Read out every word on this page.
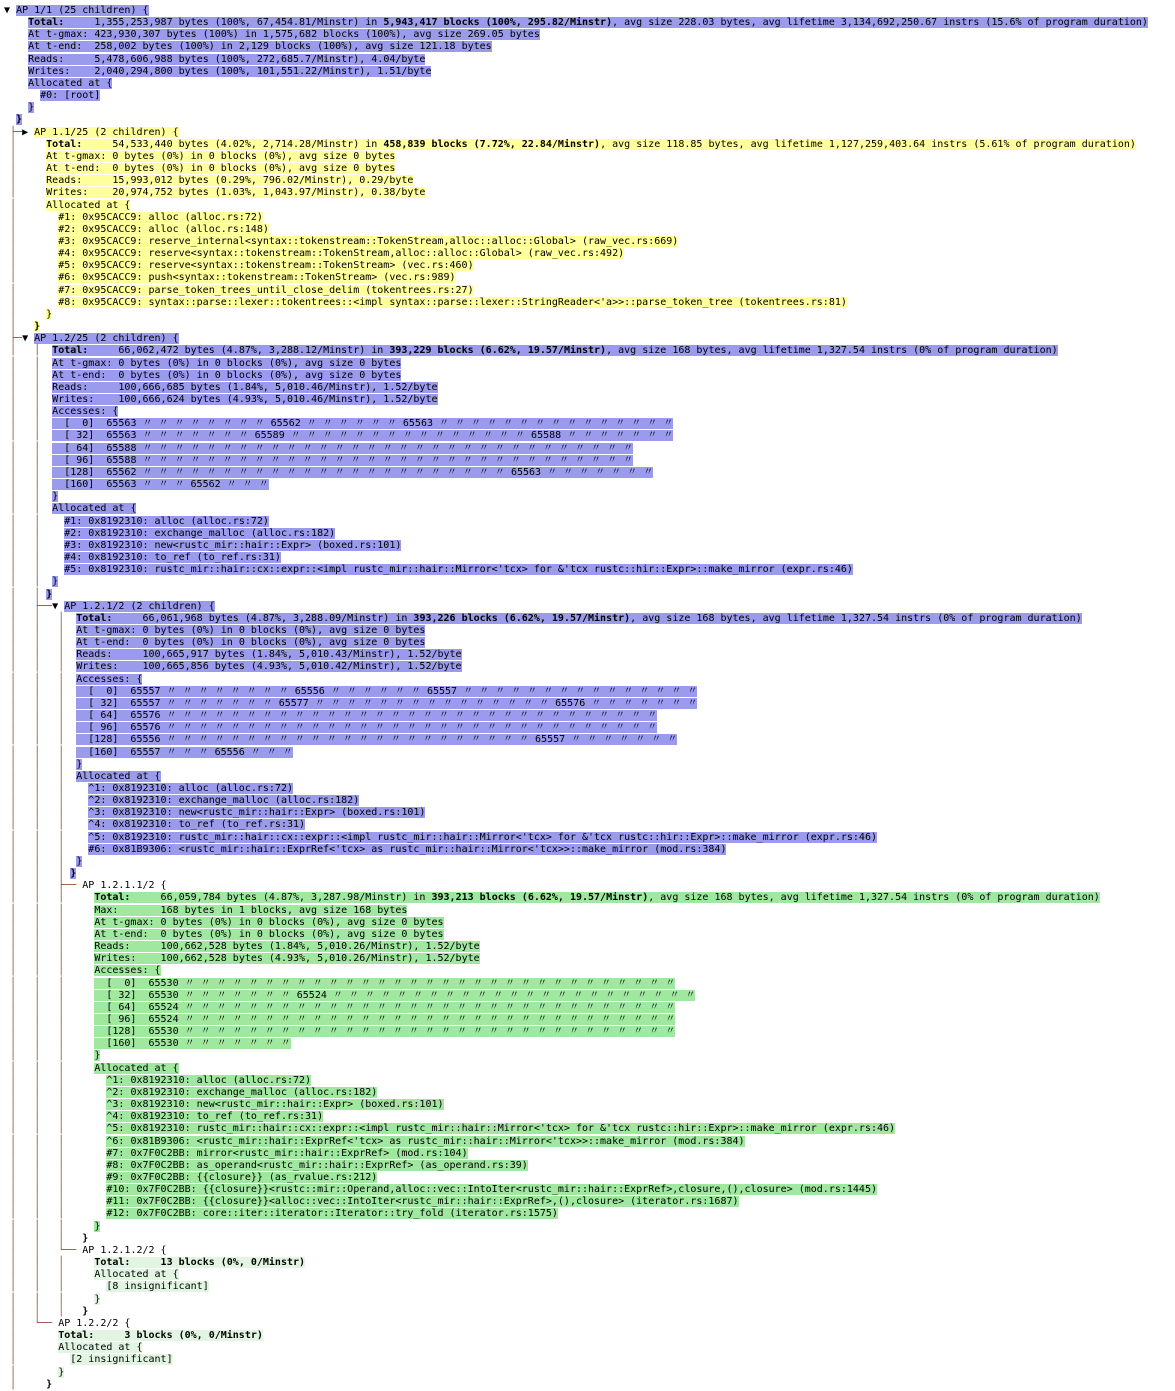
▼ AP 1/1 (25 children) {
Total:     1,355,253,987 bytes (100%, 67,454.81/Minstr) in 5,943,417 blocks (100%, 295.82/Minstr), avg size 228.03 bytes, avg lifetime 3,134,692,250.67 instrs (15.6% of program duration)
At t-gmax: 423,930,307 bytes (100%) in 1,575,682 blocks (100%), avg size 269.05 bytes
At t-end:  258,002 bytes (100%) in 2,129 blocks (100%), avg size 121.18 bytes
Reads:     5,478,606,988 bytes (100%, 272,685.7/Minstr), 4.04/byte
Writes:    2,040,294,800 bytes (100%, 101,551.22/Minstr), 1.51/byte
Allocated at {
#0: [root]
}
}
├─▶ AP 1.1/25 (2 children) {
│     Total:     54,533,440 bytes (4.02%, 2,714.28/Minstr) in 458,839 blocks (7.72%, 22.84/Minstr), avg size 118.85 bytes, avg lifetime 1,127,259,403.64 instrs (5.61% of program duration)
│     At t-gmax: 0 bytes (0%) in 0 blocks (0%), avg size 0 bytes
│     At t-end:  0 bytes (0%) in 0 blocks (0%), avg size 0 bytes
│     Reads:     15,993,012 bytes (0.29%, 796.02/Minstr), 0.29/byte
│     Writes:    20,974,752 bytes (1.03%, 1,043.97/Minstr), 0.38/byte
│     Allocated at {
│       #1: 0x95CACC9: alloc (alloc.rs:72)
│       #2: 0x95CACC9: alloc (alloc.rs:148)
│       #3: 0x95CACC9: reserve_internal<syntax::tokenstream::TokenStream,alloc::alloc::Global> (raw_vec.rs:669)
│       #4: 0x95CACC9: reserve<syntax::tokenstream::TokenStream,alloc::alloc::Global> (raw_vec.rs:492)
│       #5: 0x95CACC9: reserve<syntax::tokenstream::TokenStream> (vec.rs:460)
│       #6: 0x95CACC9: push<syntax::tokenstream::TokenStream> (vec.rs:989)
│       #7: 0x95CACC9: parse_token_trees_until_close_delim (tokentrees.rs:27)
│       #8: 0x95CACC9: syntax::parse::lexer::tokentrees::<impl syntax::parse::lexer::StringReader<'a>>::parse_token_tree (tokentrees.rs:81)
│     }
│   }
├─▼ AP 1.2/25 (2 children) {
│   │  Total:     66,062,472 bytes (4.87%, 3,288.12/Minstr) in 393,229 blocks (6.62%, 19.57/Minstr), avg size 168 bytes, avg lifetime 1,327.54 instrs (0% of program duration)
│   │  At t-gmax: 0 bytes (0%) in 0 blocks (0%), avg size 0 bytes
│   │  At t-end:  0 bytes (0%) in 0 blocks (0%), avg size 0 bytes
│   │  Reads:     100,666,685 bytes (1.84%, 5,010.46/Minstr), 1.52/byte
│   │  Writes:    100,666,624 bytes (4.93%, 5,010.46/Minstr), 1.52/byte
│   │  Accesses: {
│   │    [  0]  65563 〃 〃 〃 〃 〃 〃 〃 〃 65562 〃 〃 〃 〃 〃 〃 65563 〃 〃 〃 〃 〃 〃 〃 〃 〃 〃 〃 〃 〃 〃 〃
│   │    [ 32]  65563 〃 〃 〃 〃 〃 〃 〃 65589 〃 〃 〃 〃 〃 〃 〃 〃 〃 〃 〃 〃 〃 〃 〃 65588 〃 〃 〃 〃 〃 〃 〃
│   │    [ 64]  65588 〃 〃 〃 〃 〃 〃 〃 〃 〃 〃 〃 〃 〃 〃 〃 〃 〃 〃 〃 〃 〃 〃 〃 〃 〃 〃 〃 〃 〃 〃 〃
│   │    [ 96]  65588 〃 〃 〃 〃 〃 〃 〃 〃 〃 〃 〃 〃 〃 〃 〃 〃 〃 〃 〃 〃 〃 〃 〃 〃 〃 〃 〃 〃 〃 〃 〃
│   │    [128]  65562 〃 〃 〃 〃 〃 〃 〃 〃 〃 〃 〃 〃 〃 〃 〃 〃 〃 〃 〃 〃 〃 〃 〃 65563 〃 〃 〃 〃 〃 〃 〃
│   │    [160]  65563 〃 〃 〃 65562 〃 〃 〃
│   │  }
│   │  Allocated at {
│   │    #1: 0x8192310: alloc (alloc.rs:72)
│   │    #2: 0x8192310: exchange_malloc (alloc.rs:182)
│   │    #3: 0x8192310: new<rustc_mir::hair::Expr> (boxed.rs:101)
│   │    #4: 0x8192310: to_ref (to_ref.rs:31)
│   │    #5: 0x8192310: rustc_mir::hair::cx::expr::<impl rustc_mir::hair::Mirror<'tcx> for &'tcx rustc::hir::Expr>::make_mirror (expr.rs:46)
│   │  }
│   │ }
│   ├──▼ AP 1.2.1/2 (2 children) {
│   │   │  Total:     66,061,968 bytes (4.87%, 3,288.09/Minstr) in 393,226 blocks (6.62%, 19.57/Minstr), avg size 168 bytes, avg lifetime 1,327.54 instrs (0% of program duration)
│   │   │  At t-gmax: 0 bytes (0%) in 0 blocks (0%), avg size 0 bytes
│   │   │  At t-end:  0 bytes (0%) in 0 blocks (0%), avg size 0 bytes
│   │   │  Reads:     100,665,917 bytes (1.84%, 5,010.43/Minstr), 1.52/byte
│   │   │  Writes:    100,665,856 bytes (4.93%, 5,010.42/Minstr), 1.52/byte
│   │   │  Accesses: {
│   │   │    [  0]  65557 〃 〃 〃 〃 〃 〃 〃 〃 65556 〃 〃 〃 〃 〃 〃 65557 〃 〃 〃 〃 〃 〃 〃 〃 〃 〃 〃 〃 〃 〃 〃
│   │   │    [ 32]  65557 〃 〃 〃 〃 〃 〃 〃 65577 〃 〃 〃 〃 〃 〃 〃 〃 〃 〃 〃 〃 〃 〃 〃 65576 〃 〃 〃 〃 〃 〃 〃
│   │   │    [ 64]  65576 〃 〃 〃 〃 〃 〃 〃 〃 〃 〃 〃 〃 〃 〃 〃 〃 〃 〃 〃 〃 〃 〃 〃 〃 〃 〃 〃 〃 〃 〃 〃
│   │   │    [ 96]  65576 〃 〃 〃 〃 〃 〃 〃 〃 〃 〃 〃 〃 〃 〃 〃 〃 〃 〃 〃 〃 〃 〃 〃 〃 〃 〃 〃 〃 〃 〃 〃
│   │   │    [128]  65556 〃 〃 〃 〃 〃 〃 〃 〃 〃 〃 〃 〃 〃 〃 〃 〃 〃 〃 〃 〃 〃 〃 〃 65557 〃 〃 〃 〃 〃 〃 〃
│   │   │    [160]  65557 〃 〃 〃 65556 〃 〃 〃
│   │   │  }
│   │   │  Allocated at {
│   │   │    ^1: 0x8192310: alloc (alloc.rs:72)
│   │   │    ^2: 0x8192310: exchange_malloc (alloc.rs:182)
│   │   │    ^3: 0x8192310: new<rustc_mir::hair::Expr> (boxed.rs:101)
│   │   │    ^4: 0x8192310: to_ref (to_ref.rs:31)
│   │   │    ^5: 0x8192310: rustc_mir::hair::cx::expr::<impl rustc_mir::hair::Mirror<'tcx> for &'tcx rustc::hir::Expr>::make_mirror (expr.rs:46)
│   │   │    #6: 0x81B9306: <rustc_mir::hair::ExprRef<'tcx> as rustc_mir::hair::Mirror<'tcx>>::make_mirror (mod.rs:384)
│   │   │  }
│   │   │ }
│   │   ├── AP 1.2.1.1/2 {
│   │   │     Total:     66,059,784 bytes (4.87%, 3,287.98/Minstr) in 393,213 blocks (6.62%, 19.57/Minstr), avg size 168 bytes, avg lifetime 1,327.54 instrs (0% of program duration)
│   │   │     Max:       168 bytes in 1 blocks, avg size 168 bytes
│   │   │     At t-gmax: 0 bytes (0%) in 0 blocks (0%), avg size 0 bytes
│   │   │     At t-end:  0 bytes (0%) in 0 blocks (0%), avg size 0 bytes
│   │   │     Reads:     100,662,528 bytes (1.84%, 5,010.26/Minstr), 1.52/byte
│   │   │     Writes:    100,662,528 bytes (4.93%, 5,010.26/Minstr), 1.52/byte
│   │   │     Accesses: {
│   │   │       [  0]  65530 〃 〃 〃 〃 〃 〃 〃 〃 〃 〃 〃 〃 〃 〃 〃 〃 〃 〃 〃 〃 〃 〃 〃 〃 〃 〃 〃 〃 〃 〃 〃
│   │   │       [ 32]  65530 〃 〃 〃 〃 〃 〃 〃 65524 〃 〃 〃 〃 〃 〃 〃 〃 〃 〃 〃 〃 〃 〃 〃 〃 〃 〃 〃 〃 〃 〃 〃
│   │   │       [ 64]  65524 〃 〃 〃 〃 〃 〃 〃 〃 〃 〃 〃 〃 〃 〃 〃 〃 〃 〃 〃 〃 〃 〃 〃 〃 〃 〃 〃 〃 〃 〃 〃
│   │   │       [ 96]  65524 〃 〃 〃 〃 〃 〃 〃 〃 〃 〃 〃 〃 〃 〃 〃 〃 〃 〃 〃 〃 〃 〃 〃 〃 〃 〃 〃 〃 〃 〃 〃
│   │   │       [128]  65530 〃 〃 〃 〃 〃 〃 〃 〃 〃 〃 〃 〃 〃 〃 〃 〃 〃 〃 〃 〃 〃 〃 〃 〃 〃 〃 〃 〃 〃 〃 〃
│   │   │       [160]  65530 〃 〃 〃 〃 〃 〃 〃
│   │   │     }
│   │   │     Allocated at {
│   │   │       ^1: 0x8192310: alloc (alloc.rs:72)
│   │   │       ^2: 0x8192310: exchange_malloc (alloc.rs:182)
│   │   │       ^3: 0x8192310: new<rustc_mir::hair::Expr> (boxed.rs:101)
│   │   │       ^4: 0x8192310: to_ref (to_ref.rs:31)
│   │   │       ^5: 0x8192310: rustc_mir::hair::cx::expr::<impl rustc_mir::hair::Mirror<'tcx> for &'tcx rustc::hir::Expr>::make_mirror (expr.rs:46)
│   │   │       ^6: 0x81B9306: <rustc_mir::hair::ExprRef<'tcx> as rustc_mir::hair::Mirror<'tcx>>::make_mirror (mod.rs:384)
│   │   │       #7: 0x7F0C2BB: mirror<rustc_mir::hair::ExprRef> (mod.rs:104)
│   │   │       #8: 0x7F0C2BB: as_operand<rustc_mir::hair::ExprRef> (as_operand.rs:39)
│   │   │       #9: 0x7F0C2BB: {{closure}} (as_rvalue.rs:212)
│   │   │       #10: 0x7F0C2BB: {{closure}}<rustc::mir::Operand,alloc::vec::IntoIter<rustc_mir::hair::ExprRef>,closure,(),closure> (mod.rs:1445)
│   │   │       #11: 0x7F0C2BB: {{closure}}<alloc::vec::IntoIter<rustc_mir::hair::ExprRef>,(),closure> (iterator.rs:1687)
│   │   │       #12: 0x7F0C2BB: core::iter::iterator::Iterator::try_fold (iterator.rs:1575)
│   │   │     }
│   │   │   }
│   │   └── AP 1.2.1.2/2 {
│   │   │     Total:     13 blocks (0%, 0/Minstr)
│   │   │     Allocated at {
│   │   │       [8 insignificant]
│   │   │     }
│   │   │   }
│   └── AP 1.2.2/2 {
│       Total:     3 blocks (0%, 0/Minstr)
│       Allocated at {
│         [2 insignificant]
│       }
│     }
